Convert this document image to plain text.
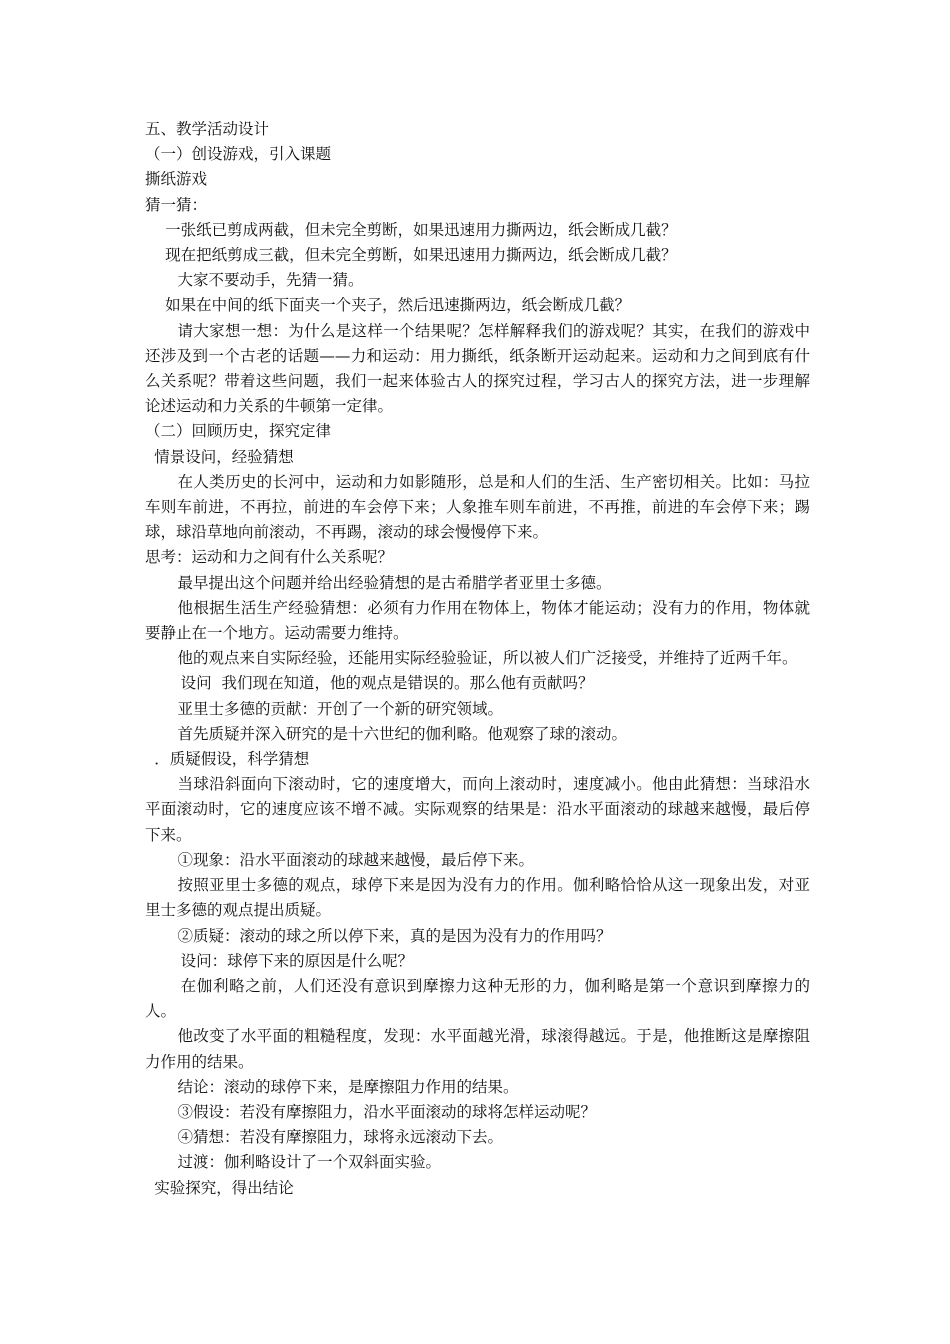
五、教学活动设计

（一）创设游戏，引入课题

撕纸游戏

猜一猜：

一张纸已剪成两截，但未完全剪断，如果迅速用力撕两边，纸会断成几截？

现在把纸剪成三截，但未完全剪断，如果迅速用力撕两边，纸会断成几截？

大家不要动手，先猜一猜。

如果在中间的纸下面夹一个夹子，然后迅速撕两边，纸会断成几截？

请大家想一想：为什么是这样一个结果呢？怎样解释我们的游戏呢？其实，在我们的游戏中还涉及到一个古老的话题——力和运动：用力撕纸，纸条断开运动起来。运动和力之间到底有什么关系呢？带着这些问题，我们一起来体验古人的探究过程，学习古人的探究方法，进一步理解论述运动和力关系的牛顿第一定律。

（二）回顾历史，探究定律

情景设问，经验猜想

在人类历史的长河中，运动和力如影随形，总是和人们的生活、生产密切相关。比如：马拉车则车前进，不再拉，前进的车会停下来；人象推车则车前进，不再推，前进的车会停下来；踢球，球沿草地向前滚动，不再踢，滚动的球会慢慢停下来。

思考：运动和力之间有什么关系呢？

最早提出这个问题并给出经验猜想的是古希腊学者亚里士多德。

他根据生活生产经验猜想：必须有力作用在物体上，物体才能运动；没有力的作用，物体就要静止在一个地方。运动需要力维持。

他的观点来自实际经验，还能用实际经验验证，所以被人们广泛接受，并维持了近两千年。

设问  我们现在知道，他的观点是错误的。那么他有贡献吗？

亚里士多德的贡献：开创了一个新的研究领域。

首先质疑并深入研究的是十六世纪的伽利略。他观察了球的滚动。

．质疑假设，科学猜想

当球沿斜面向下滚动时，它的速度增大，而向上滚动时，速度减小。他由此猜想：当球沿水平面滚动时，它的速度应该不增不减。实际观察的结果是：沿水平面滚动的球越来越慢，最后停下来。

①现象：沿水平面滚动的球越来越慢，最后停下来。

按照亚里士多德的观点，球停下来是因为没有力的作用。伽利略恰恰从这一现象出发，对亚里士多德的观点提出质疑。

②质疑：滚动的球之所以停下来，真的是因为没有力的作用吗？

设问：球停下来的原因是什么呢？

在伽利略之前，人们还没有意识到摩擦力这种无形的力，伽利略是第一个意识到摩擦力的人。

他改变了水平面的粗糙程度，发现：水平面越光滑，球滚得越远。于是，他推断这是摩擦阻力作用的结果。

结论：滚动的球停下来，是摩擦阻力作用的结果。

③假设：若没有摩擦阻力，沿水平面滚动的球将怎样运动呢？

④猜想：若没有摩擦阻力，球将永远滚动下去。

过渡：伽利略设计了一个双斜面实验。

实验探究，得出结论
